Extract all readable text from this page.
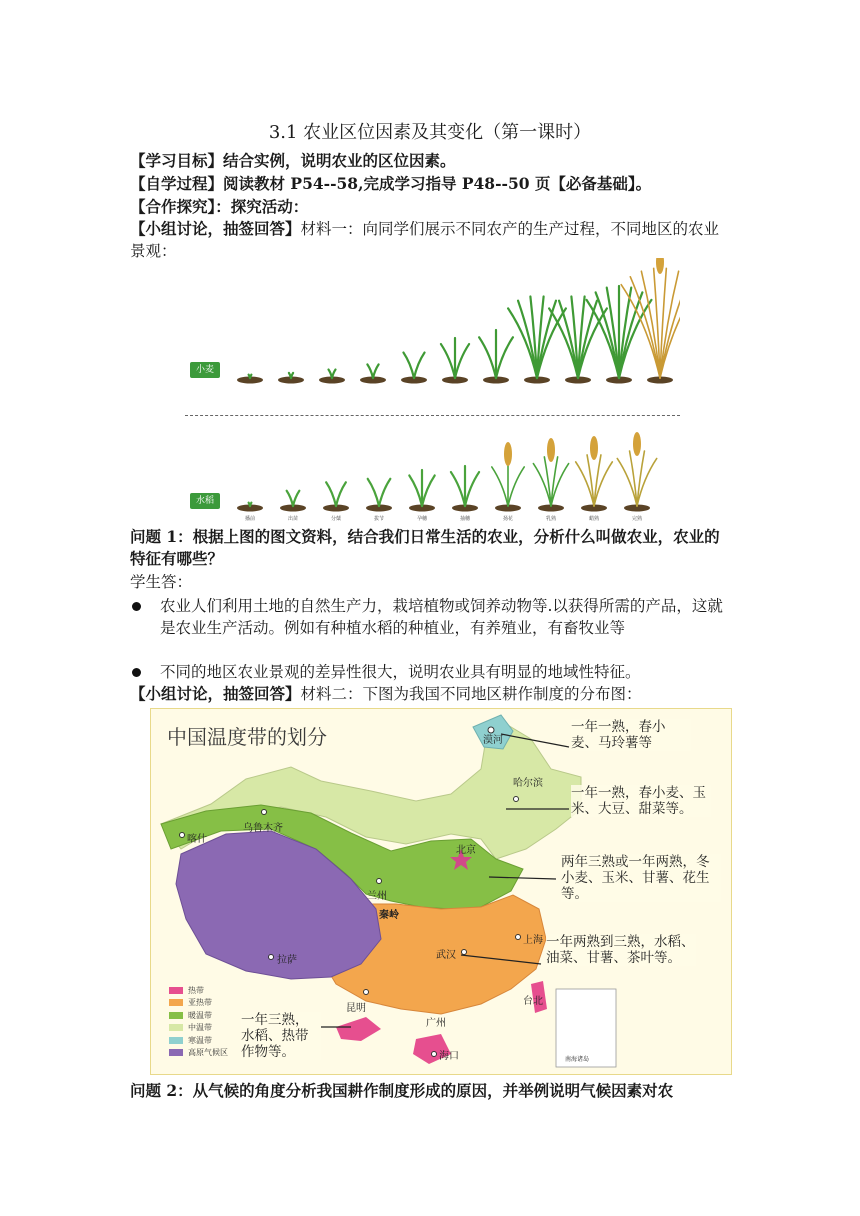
3.1 农业区位因素及其变化（第一课时）
【学习目标】结合实例，说明农业的区位因素。
【自学过程】阅读教材 P54--58,完成学习指导 P48--50 页【必备基础】。
【合作探究】：探究活动：
【小组讨论，抽签回答】材料一：向同学们展示不同农产的生产过程，不同地区的农业景观：
小麦
水稻
播前	出苗	分蘖	拔节	孕穗	抽穗	扬花	乳熟	蜡熟	完熟
问题 1：根据上图的图文资料，结合我们日常生活的农业，分析什么叫做农业，农业的特征有哪些？
学生答：
农业人们利用土地的自然生产力，栽培植物或饲养动物等.以获得所需的产品，这就是农业生产活动。例如有种植水稻的种植业，有养殖业，有畜牧业等
不同的地区农业景观的差异性很大，说明农业具有明显的地域性特征。
【小组讨论，抽签回答】材料二：下图为我国不同地区耕作制度的分布图：
中国温度带的划分	漠河
哈尔滨
乌鲁木齐
喀什
北京
兰州
秦岭
拉萨	武汉
上海
昆明
台北
广州
海口	南海诸岛
一年一熟，春小麦、马玲薯等
一年一熟，春小麦、玉米、大豆、甜菜等。
两年三熟或一年两熟，冬小麦、玉米、甘薯、花生等。
一年两熟到三熟，水稻、油菜、甘薯、茶叶等。
一年三熟，水稻、热带作物等。
热带
亚热带
暖温带
中温带
寒温带
高原气候区
问题 2：从气候的角度分析我国耕作制度形成的原因，并举例说明气候因素对农
